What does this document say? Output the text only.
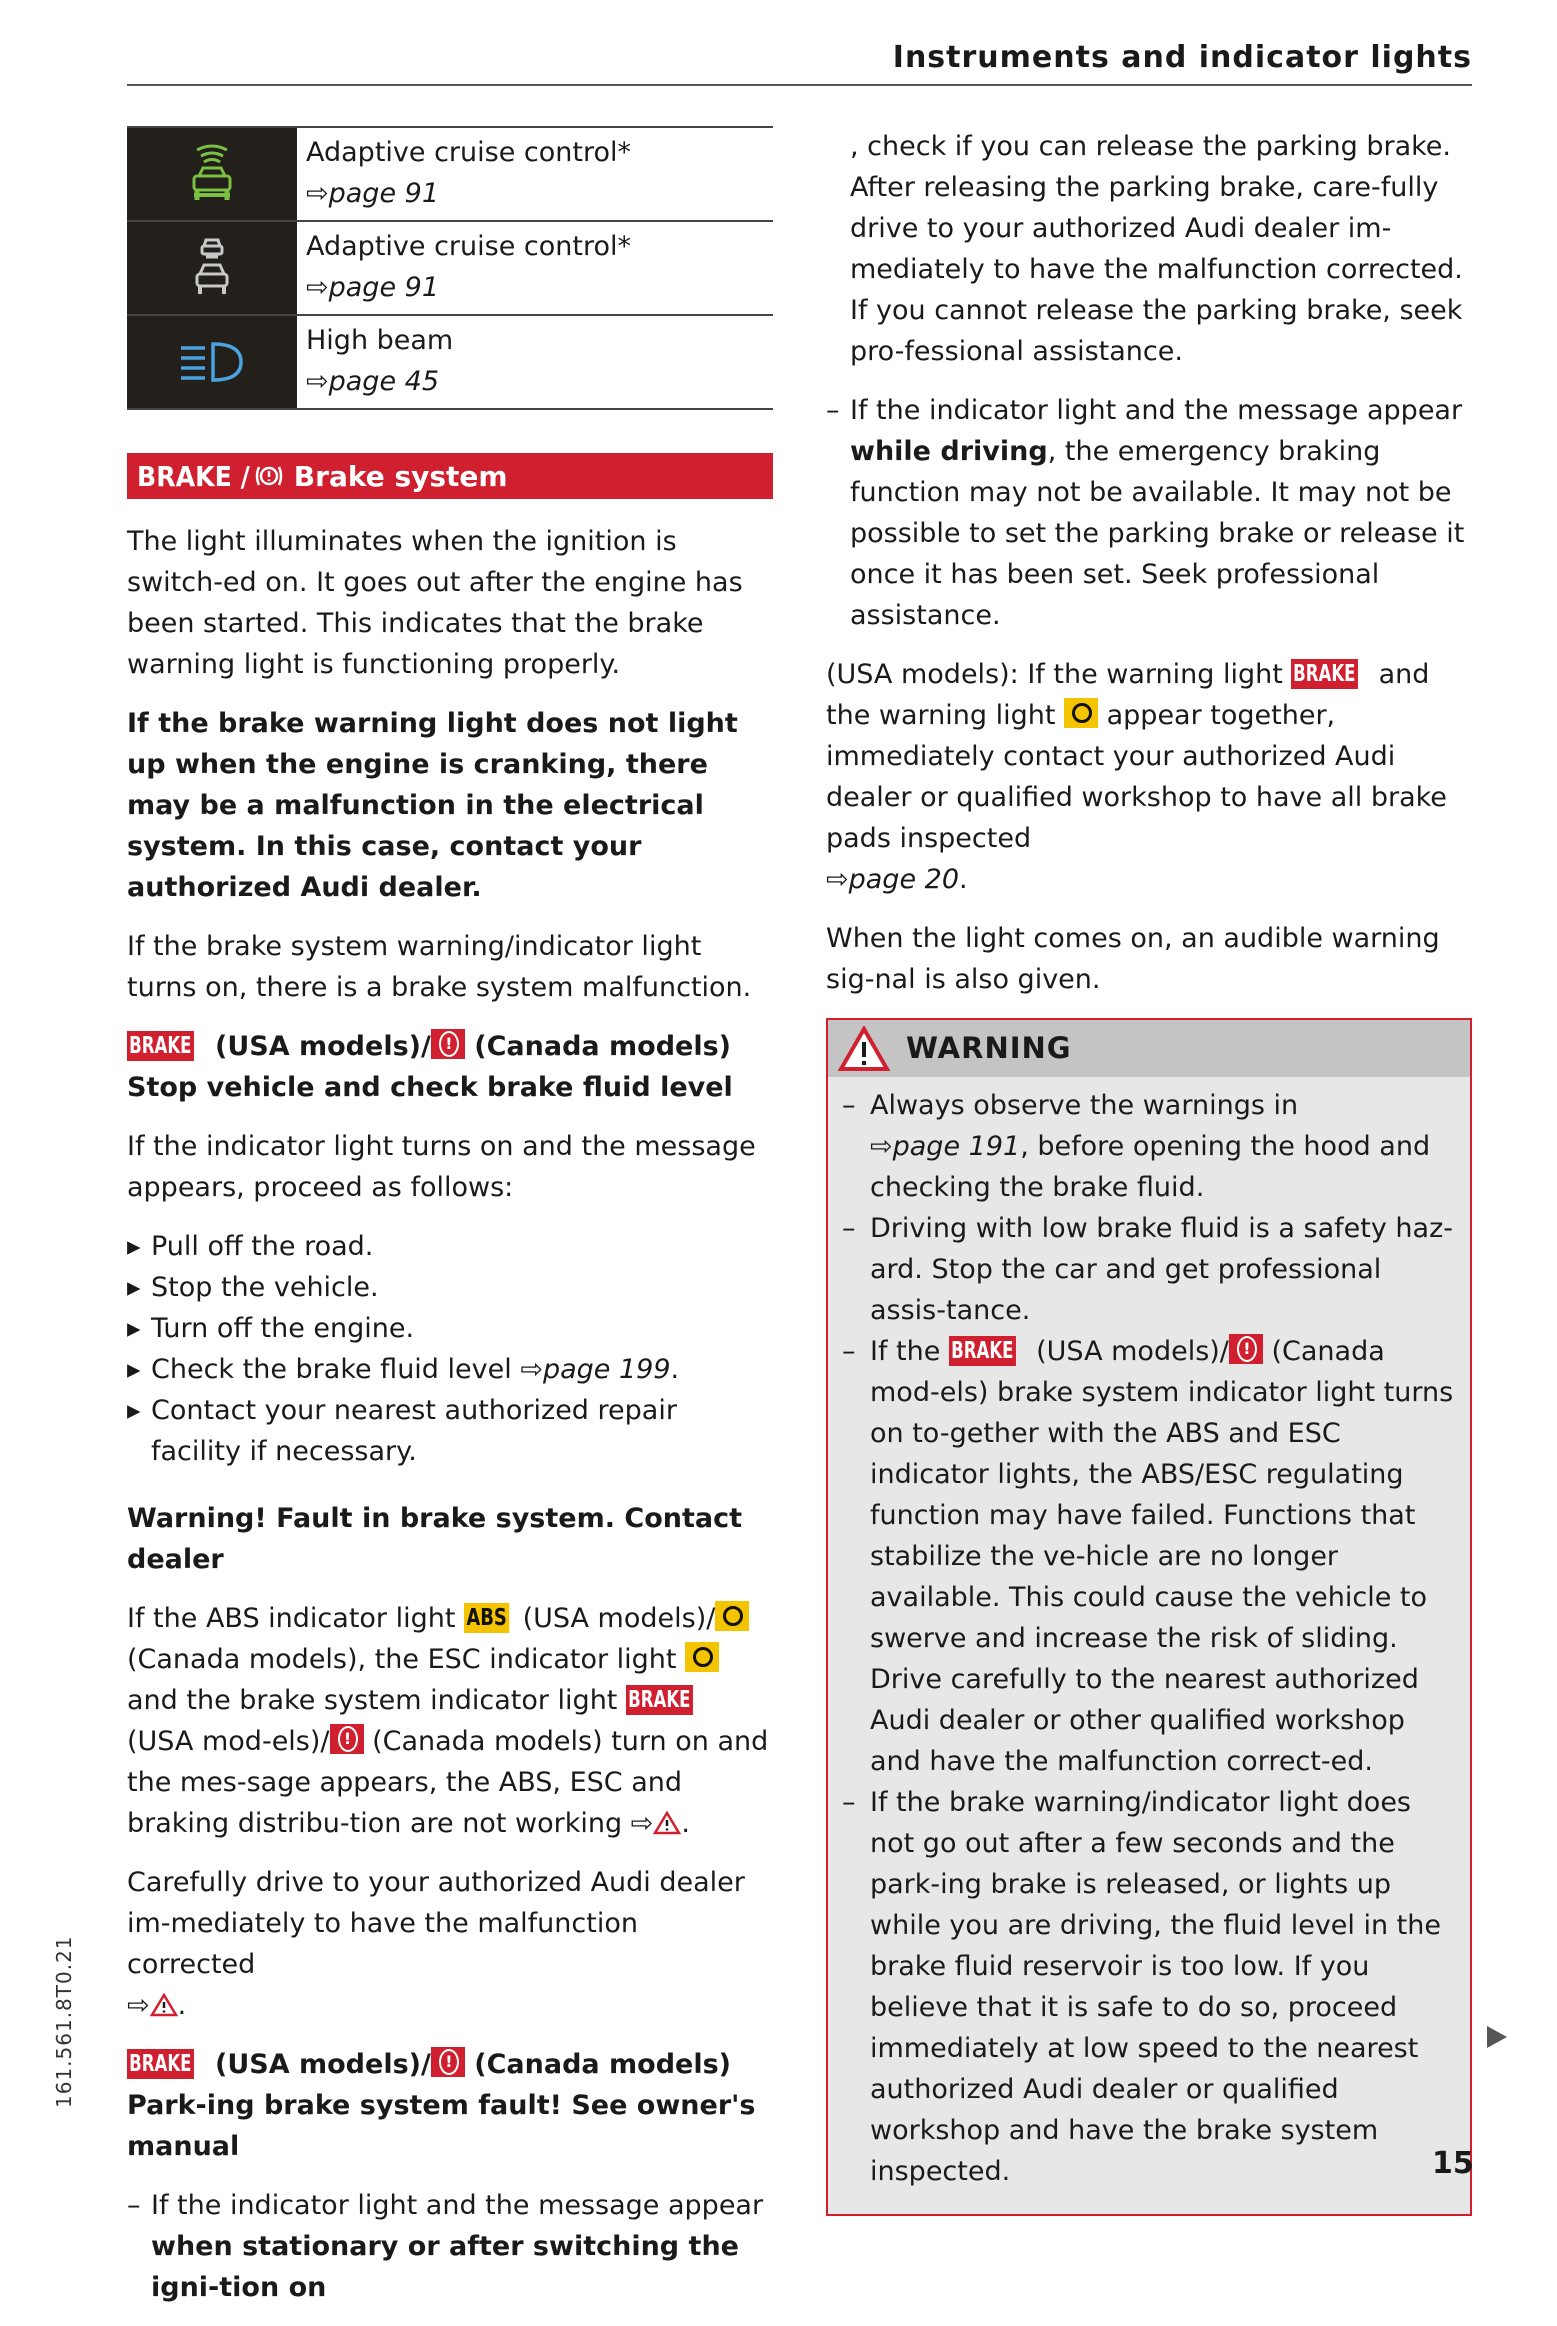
Instruments and indicator lights
Adaptive cruise control*
⇨page 91
Adaptive cruise control*
⇨page 91
High beam
⇨page 45
BRAKE / Brake system

The light illuminates when the ignition is switch-ed on. It goes out after the engine has been started. This indicates that the brake warning light is functioning properly.

If the brake warning light does not light up when the engine is cranking, there may be a malfunction in the electrical system. In this case, contact your authorized Audi dealer.

If the brake system warning/indicator light turns on, there is a brake system malfunction.

BRAKE (USA models)/ ! (Canada models) Stop vehicle and check brake fluid level

If the indicator light turns on and the message appears, proceed as follows:

▸ Pull off the road.
▸ Stop the vehicle.
▸ Turn off the engine.
▸ Check the brake fluid level ⇨page 199.
▸ Contact your nearest authorized repair facility if necessary.

Warning! Fault in brake system. Contact dealer

If the ABS indicator light ABS (USA models)/ (Canada models), the ESC indicator light  and the brake system indicator light BRAKE (USA mod-els)/ ! (Canada models) turn on and the mes-sage appears, the ABS, ESC and braking distribu-tion are not working ⇨ .

Carefully drive to your authorized Audi dealer im-mediately to have the malfunction corrected
⇨ .

BRAKE (USA models)/ ! (Canada models) Park-ing brake system fault! See owner's manual

– If the indicator light and the message appear when stationary or after switching the igni-tion on

, check if you can release the parking brake. After releasing the parking brake, care-fully drive to your authorized Audi dealer im-mediately to have the malfunction corrected. If you cannot release the parking brake, seek pro-fessional assistance.

– If the indicator light and the message appear while driving, the emergency braking function may not be available. It may not be possible to set the parking brake or release it once it has been set. Seek professional assistance.

(USA models): If the warning light BRAKE and the warning light appear together, immediately contact your authorized Audi dealer or qualified workshop to have all brake pads inspected
⇨page 20.

When the light comes on, an audible warning sig-nal is also given.

WARNING
– Always observe the warnings in
⇨page 191, before opening the hood and checking the brake fluid.
– Driving with low brake fluid is a safety haz-ard. Stop the car and get professional assis-tance.
– If the BRAKE (USA models)/ ! (Canada mod-els) brake system indicator light turns on to-gether with the ABS and ESC indicator lights, the ABS/ESC regulating function may have failed. Functions that stabilize the ve-hicle are no longer available. This could cause the vehicle to swerve and increase the risk of sliding. Drive carefully to the nearest authorized Audi dealer or other qualified workshop and have the malfunction correct-ed.
– If the brake warning/indicator light does not go out after a few seconds and the park-ing brake is released, or lights up while you are driving, the fluid level in the brake fluid reservoir is too low. If you believe that it is safe to do so, proceed immediately at low speed to the nearest authorized Audi dealer or qualified workshop and have the brake system inspected.
161.561.8T0.21
15
